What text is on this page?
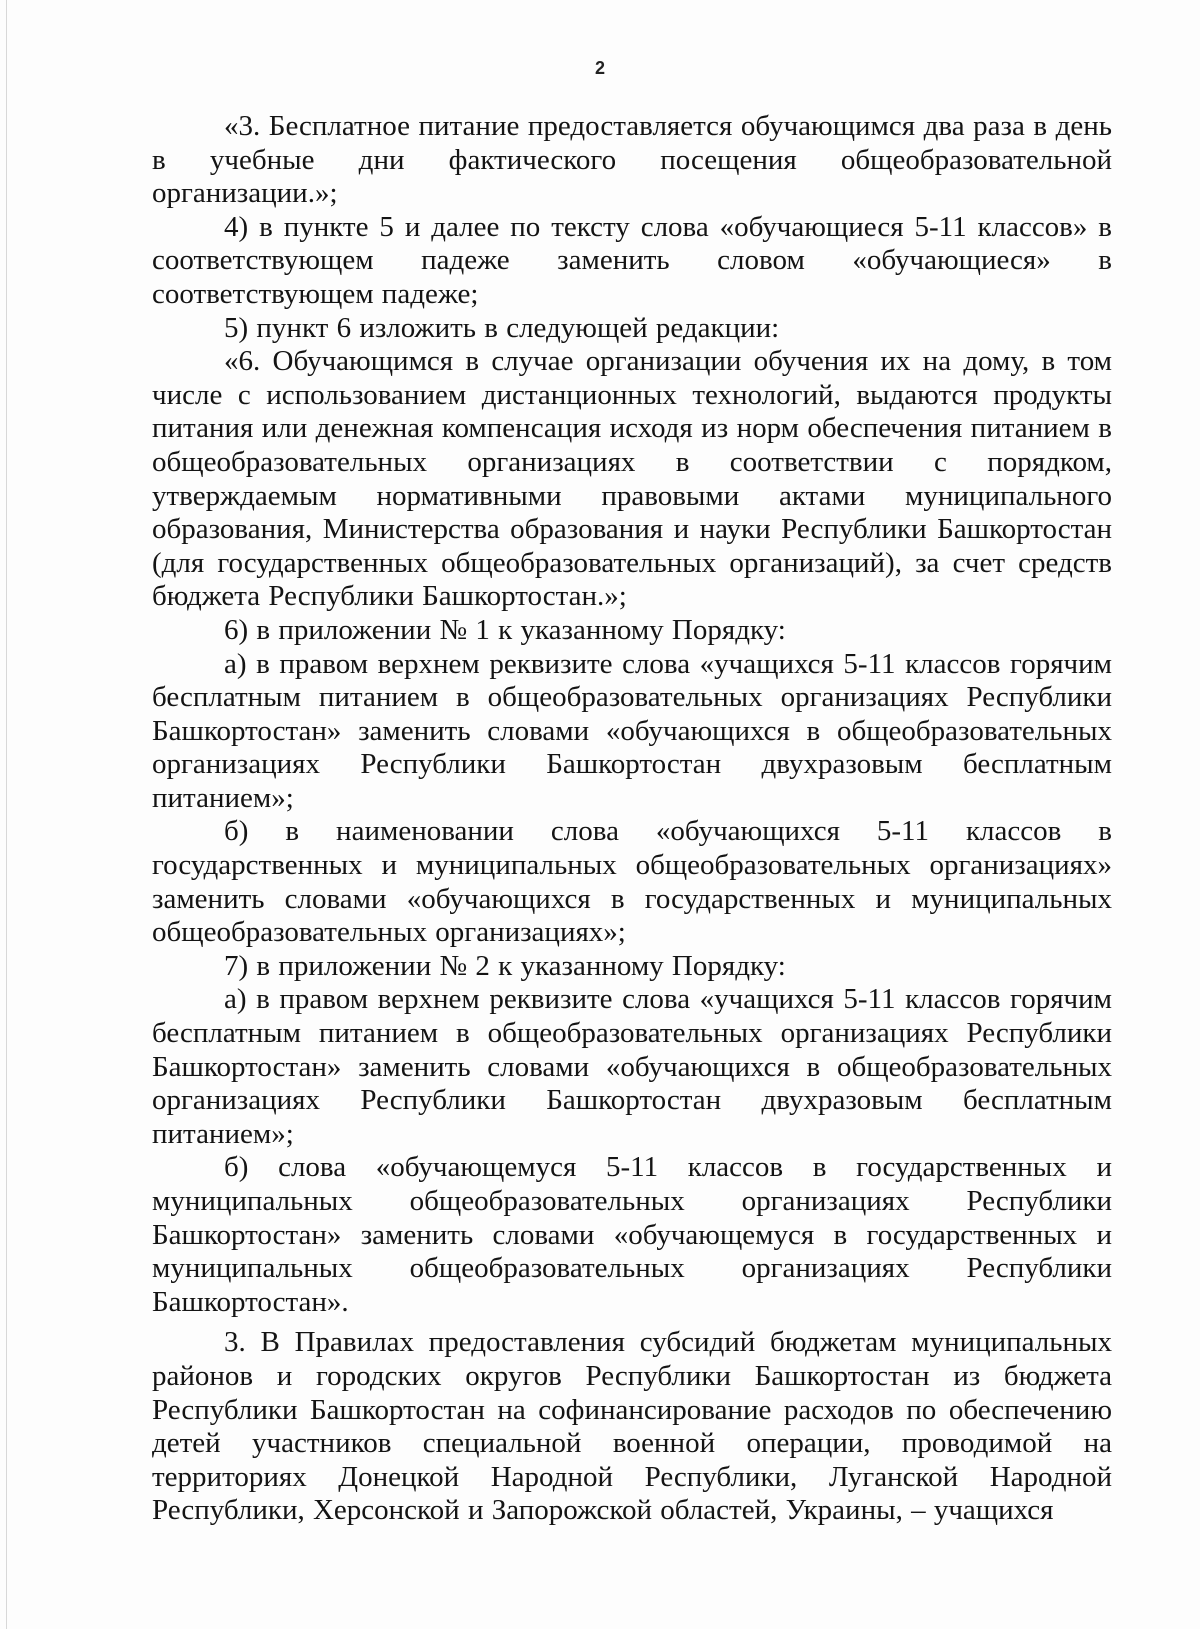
2

«3. Бесплатное питание предоставляется обучающимся два раза в день в учебные дни фактического посещения общеобразовательной организации.»;

4) в пункте 5 и далее по тексту слова «обучающиеся 5-11 классов» в соответствующем падеже заменить словом «обучающиеся» в соответствующем падеже;

5) пункт 6 изложить в следующей редакции:

«6. Обучающимся в случае организации обучения их на дому, в том числе с использованием дистанционных технологий, выдаются продукты питания или денежная компенсация исходя из норм обеспечения питанием в общеобразовательных организациях в соответствии с порядком, утверждаемым нормативными правовыми актами муниципального образования, Министерства образования и науки Республики Башкортостан (для государственных общеобразовательных организаций), за счет средств бюджета Республики Башкортостан.»;

6) в приложении № 1 к указанному Порядку:

а) в правом верхнем реквизите слова «учащихся 5-11 классов горячим бесплатным питанием в общеобразовательных организациях Республики Башкортостан» заменить словами «обучающихся в общеобразовательных организациях Республики Башкортостан двухразовым бесплатным питанием»;

б) в наименовании слова «обучающихся 5-11 классов в государственных и муниципальных общеобразовательных организациях» заменить словами «обучающихся в государственных и муниципальных общеобразовательных организациях»;

7) в приложении № 2 к указанному Порядку:

а) в правом верхнем реквизите слова «учащихся 5-11 классов горячим бесплатным питанием в общеобразовательных организациях Республики Башкортостан» заменить словами «обучающихся в общеобразовательных организациях Республики Башкортостан двухразовым бесплатным питанием»;

б) слова «обучающемуся 5-11 классов в государственных и муниципальных общеобразовательных организациях Республики Башкортостан» заменить словами «обучающемуся в государственных и муниципальных общеобразовательных организациях Республики Башкортостан».

3. В Правилах предоставления субсидий бюджетам муниципальных районов и городских округов Республики Башкортостан из бюджета Республики Башкортостан на софинансирование расходов по обеспечению детей участников специальной военной операции, проводимой на территориях Донецкой Народной Республики, Луганской Народной Республики, Херсонской и Запорожской областей, Украины, – учащихся
